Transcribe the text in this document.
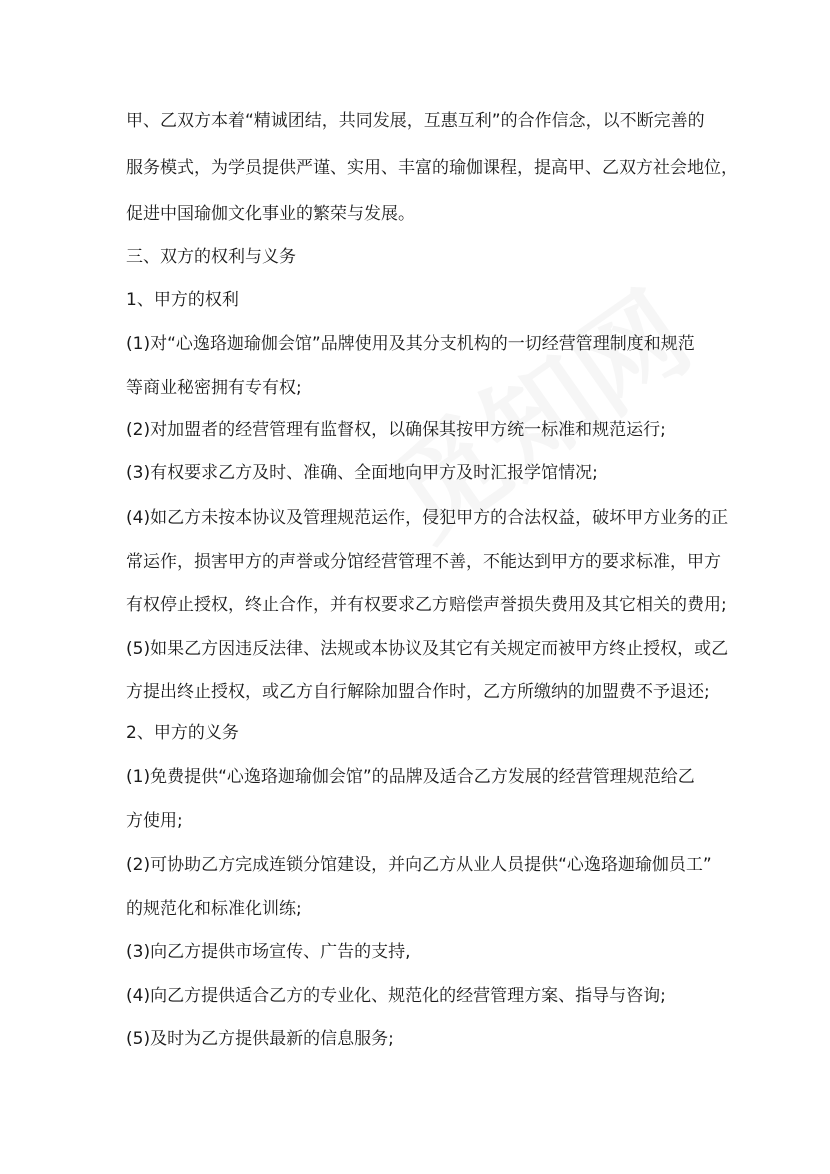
甲、乙双方本着“精诚团结，共同发展，互惠互利”的合作信念，以不断完善的
服务模式，为学员提供严谨、实用、丰富的瑜伽课程，提高甲、乙双方社会地位，
促进中国瑜伽文化事业的繁荣与发展。
三、双方的权利与义务
1、甲方的权利
(1)对“心逸珞迦瑜伽会馆”品牌使用及其分支机构的一切经营管理制度和规范
等商业秘密拥有专有权;
(2)对加盟者的经营管理有监督权，以确保其按甲方统一标准和规范运行;
(3)有权要求乙方及时、准确、全面地向甲方及时汇报学馆情况;
(4)如乙方未按本协议及管理规范运作，侵犯甲方的合法权益，破坏甲方业务的正
常运作，损害甲方的声誉或分馆经营管理不善，不能达到甲方的要求标准，甲方
有权停止授权，终止合作，并有权要求乙方赔偿声誉损失费用及其它相关的费用;
(5)如果乙方因违反法律、法规或本协议及其它有关规定而被甲方终止授权，或乙
方提出终止授权，或乙方自行解除加盟合作时，乙方所缴纳的加盟费不予退还;
2、甲方的义务
(1)免费提供“心逸珞迦瑜伽会馆”的品牌及适合乙方发展的经营管理规范给乙
方使用;
(2)可协助乙方完成连锁分馆建设，并向乙方从业人员提供“心逸珞迦瑜伽员工”
的规范化和标准化训练;
(3)向乙方提供市场宣传、广告的支持,
(4)向乙方提供适合乙方的专业化、规范化的经营管理方案、指导与咨询;
(5)及时为乙方提供最新的信息服务;
